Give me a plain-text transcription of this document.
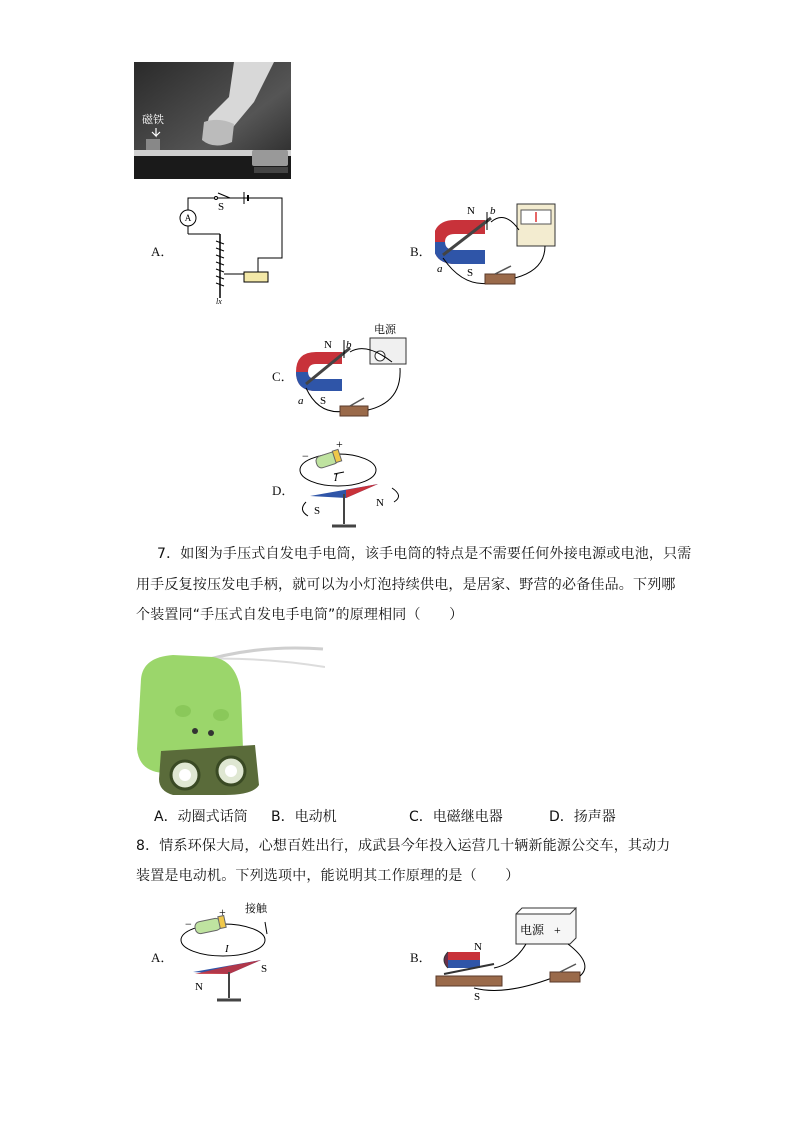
磁铁
A．
lx
A
S
B．
N
S
a
b
C．
电源
N
S
a
b
D．
+
−
I
S
N
7．如图为手压式自发电手电筒，该手电筒的特点是不需要任何外接电源或电池，只需
用手反复按压发电手柄，就可以为小灯泡持续供电，是居家、野营的必备佳品。下列哪
个装置同“手压式自发电手电筒”的原理相同（　　）
A．动圈式话筒 B．电动机	C．电磁继电器	D．扬声器
8．情系环保大局，心想百姓出行，成武县今年投入运营几十辆新能源公交车，其动力
装置是电动机。下列选项中，能说明其工作原理的是（　　）
A．
接触
−
+
I
N
S
B．
电源 +
N
S
